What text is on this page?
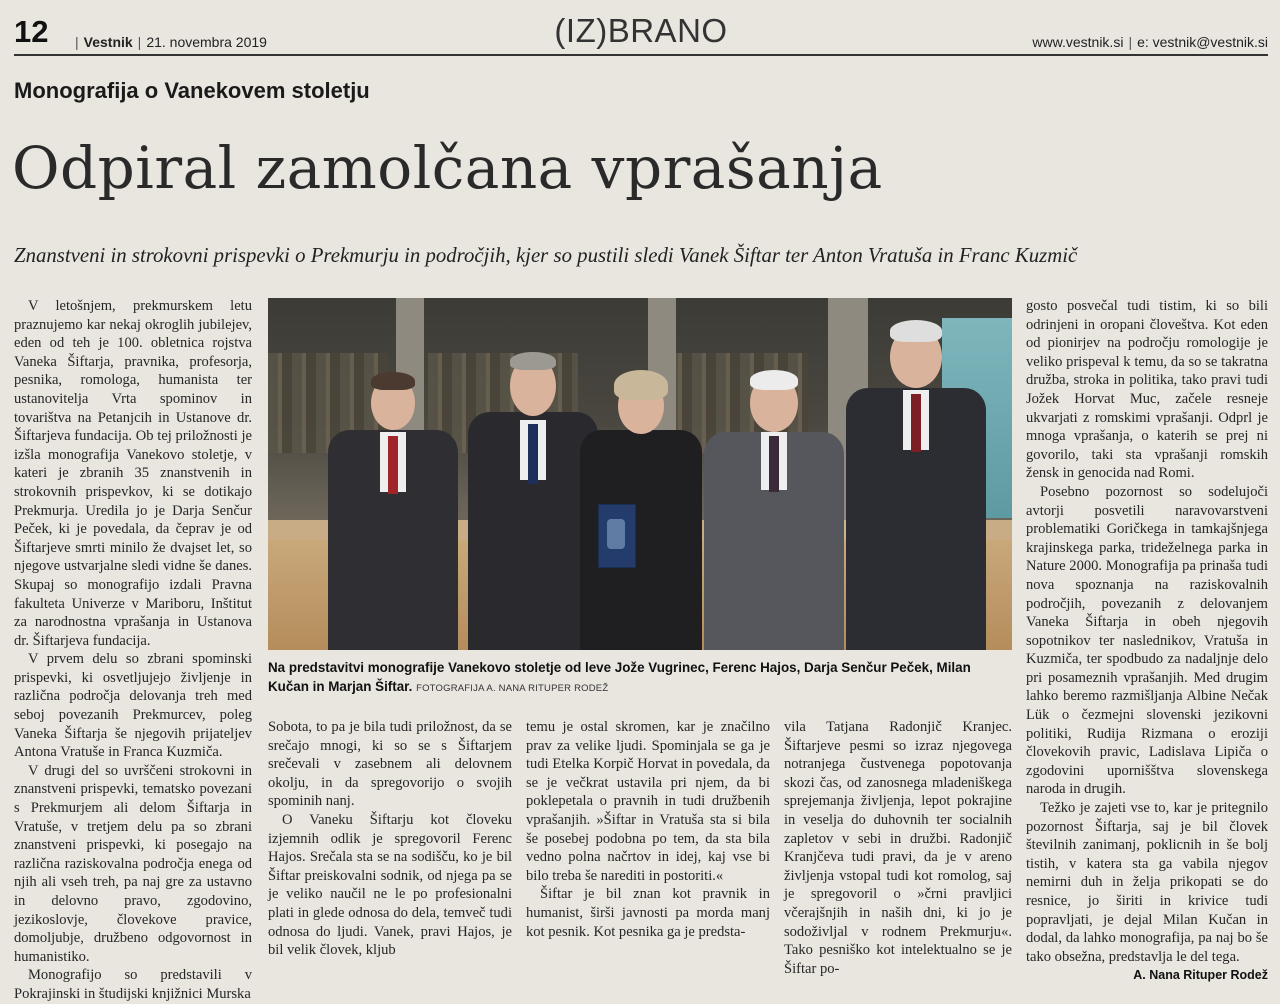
12	| Vestnik | 21. novembra 2019	(IZ)BRANO	www.vestnik.si | e: vestnik@vestnik.si
Monografija o Vanekovem stoletju
Odpiral zamolčana vprašanja
Znanstveni in strokovni prispevki o Prekmurju in področjih, kjer so pustili sledi Vanek Šiftar ter Anton Vratuša in Franc Kuzmič

V letošnjem, prekmurskem letu praznujemo kar nekaj okroglih jubilejev, eden od teh je 100. obletnica rojstva Vaneka Šiftarja, pravnika, profesorja, pesnika, romologa, humanista ter ustanovitelja Vrta spominov in tovarištva na Petanjcih in Ustanove dr. Šiftarjeva fundacija. Ob tej priložnosti je izšla monografija Vanekovo stoletje, v kateri je zbranih 35 znanstvenih in strokovnih prispevkov, ki se dotikajo Prekmurja. Uredila jo je Darja Senčur Peček, ki je povedala, da čeprav je od Šiftarjeve smrti minilo že dvajset let, so njegove ustvarjalne sledi vidne še danes. Skupaj so monografijo izdali Pravna fakulteta Univerze v Mariboru, Inštitut za narodnostna vprašanja in Ustanova dr. Šiftarjeva fundacija.

V prvem delu so zbrani spominski prispevki, ki osvetljujejo življenje in različna področja delovanja treh med seboj povezanih Prekmurcev, poleg Vaneka Šiftarja še njegovih prijateljev Antona Vratuše in Franca Kuzmiča.

V drugi del so uvrščeni strokovni in znanstveni prispevki, tematsko povezani s Prekmurjem ali delom Šiftarja in Vratuše, v tretjem delu pa so zbrani znanstveni prispevki, ki posegajo na različna raziskovalna področja enega od njih ali vseh treh, pa naj gre za ustavno in delovno pravo, zgodovino, jezikoslovje, človekove pravice, domoljubje, družbeno odgovornost in humanistiko.

Monografijo so predstavili v Pokrajinski in študijski knjižnici Murska

Na predstavitvi monografije Vanekovo stoletje od leve Jože Vugrinec, Ferenc Hajos, Darja Senčur Peček, Milan Kučan in Marjan Šiftar. FOTOGRAFIJA A. NANA RITUPER RODEŽ

Sobota, to pa je bila tudi priložnost, da se srečajo mnogi, ki so se s Šiftarjem srečevali v zasebnem ali delovnem okolju, in da spregovorijo o svojih spominih nanj.

O Vaneku Šiftarju kot človeku izjemnih odlik je spregovoril Ferenc Hajos. Srečala sta se na sodišču, ko je bil Šiftar preiskovalni sodnik, od njega pa se je veliko naučil ne le po profesionalni plati in glede odnosa do dela, temveč tudi odnosa do ljudi. Vanek, pravi Hajos, je bil velik človek, kljub

temu je ostal skromen, kar je značilno prav za velike ljudi. Spominjala se ga je tudi Etelka Korpič Horvat in povedala, da se je večkrat ustavila pri njem, da bi poklepetala o pravnih in tudi družbenih vprašanjih. »Šiftar in Vratuša sta si bila še posebej podobna po tem, da sta bila vedno polna načrtov in idej, kaj vse bi bilo treba še narediti in postoriti.«

Šiftar je bil znan kot pravnik in humanist, širši javnosti pa morda manj kot pesnik. Kot pesnika ga je predsta-

vila Tatjana Radonjič Kranjec. Šiftarjeve pesmi so izraz njegovega notranjega čustvenega popotovanja skozi čas, od zanosnega mladeniškega sprejemanja življenja, lepot pokrajine in veselja do duhovnih ter socialnih zapletov v sebi in družbi. Radonjič Kranjčeva tudi pravi, da je v areno življenja vstopal tudi kot romolog, saj je spregovoril o »črni pravljici včerajšnjih in naših dni, ki jo je sodoživljal v rodnem Prekmurju«. Tako pesniško kot intelektualno se je Šiftar po-

gosto posvečal tudi tistim, ki so bili odrinjeni in oropani človeštva. Kot eden od pionirjev na področju romologije je veliko prispeval k temu, da so se takratna družba, stroka in politika, tako pravi tudi Jožek Horvat Muc, začele resneje ukvarjati z romskimi vprašanji. Odprl je mnoga vprašanja, o katerih se prej ni govorilo, taki sta vprašanji romskih žensk in genocida nad Romi.

Posebno pozornost so sodelujoči avtorji posvetili naravovarstveni problematiki Goričkega in tamkajšnjega krajinskega parka, trideželnega parka in Nature 2000. Monografija pa prinaša tudi nova spoznanja na raziskovalnih področjih, povezanih z delovanjem Vaneka Šiftarja in obeh njegovih sopotnikov ter naslednikov, Vratuša in Kuzmiča, ter spodbudo za nadaljnje delo pri posameznih vprašanjih. Med drugim lahko beremo razmišljanja Albine Nečak Lük o čezmejni slovenski jezikovni politiki, Rudija Rizmana o eroziji človekovih pravic, Ladislava Lipiča o zgodovini upornišštva slovenskega naroda in drugih.

Težko je zajeti vse to, kar je pritegnilo pozornost Šiftarja, saj je bil človek številnih zanimanj, poklicnih in še bolj tistih, v katera sta ga vabila njegov nemirni duh in želja prikopati se do resnice, jo širiti in krivice tudi popravljati, je dejal Milan Kučan in dodal, da lahko monografija, pa naj bo še tako obsežna, predstavlja le del tega.

A. Nana Rituper Rodež
